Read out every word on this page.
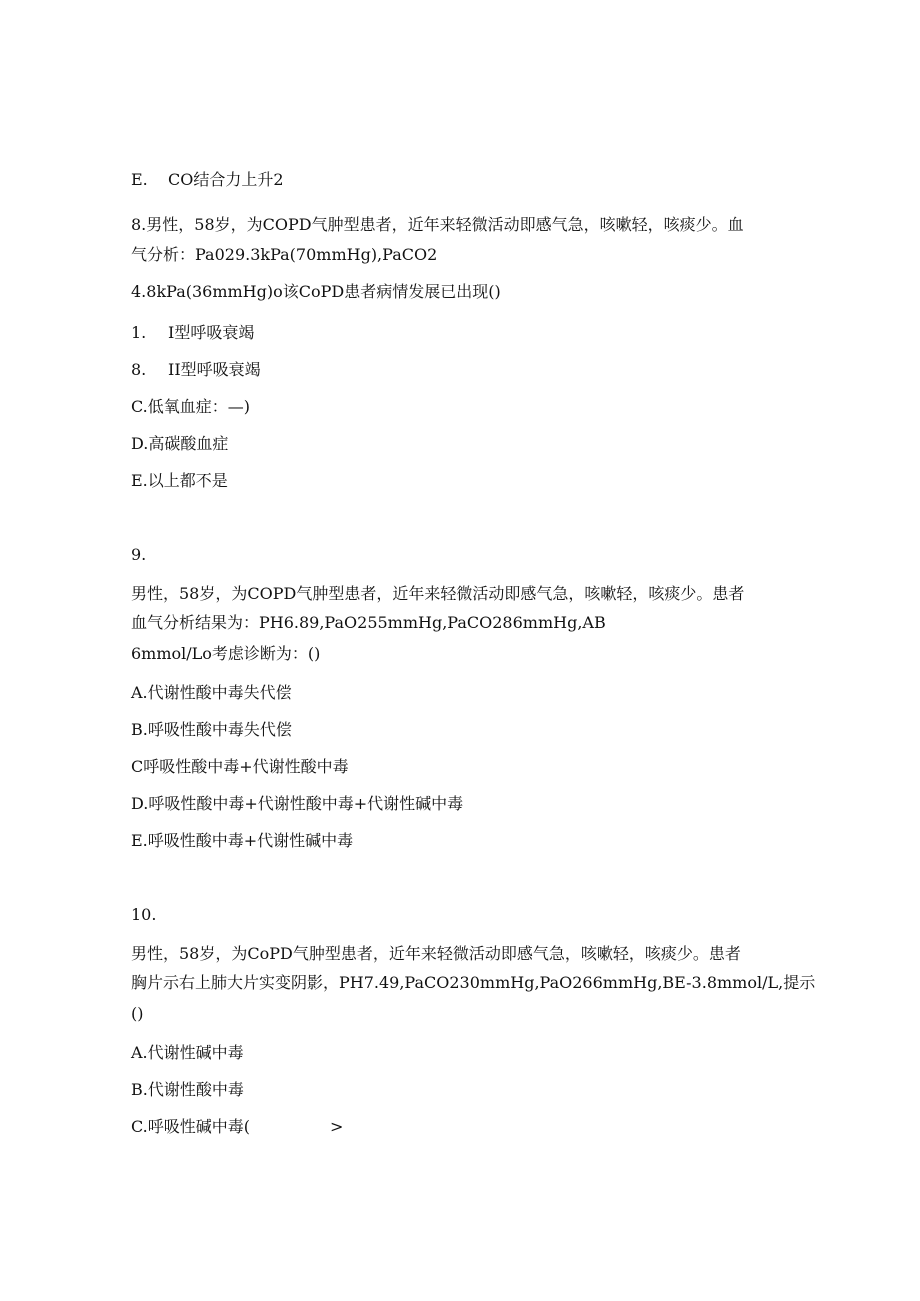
E. CO结合力上升2
8.男性，58岁，为COPD气肿型患者，近年来轻微活动即感气急，咳嗽轻，咳痰少。血
气分析：Pa029.3kPa(70mmHg),PaCO2
4.8kPa(36mmHg)o该CoPD患者病情发展已出现()
1. I型呼吸衰竭
8. II型呼吸衰竭
C.低氧血症：—)
D.高碳酸血症
E.以上都不是
9.
男性，58岁，为COPD气肿型患者，近年来轻微活动即感气急，咳嗽轻，咳痰少。患者
血气分析结果为：PH6.89,PaO255mmHg,PaCO286mmHg,AB
6mmol∕Lo考虑诊断为：()
A.代谢性酸中毒失代偿
B.呼吸性酸中毒失代偿
C呼吸性酸中毒+代谢性酸中毒
D.呼吸性酸中毒+代谢性酸中毒+代谢性碱中毒
E.呼吸性酸中毒+代谢性碱中毒
10.
男性，58岁，为CoPD气肿型患者，近年来轻微活动即感气急，咳嗽轻，咳痰少。患者
胸片示右上肺大片实变阴影，PH7.49,PaCO230mmHg,PaO266mmHg,BE-3.8mmol∕L,提示
()
A.代谢性碱中毒
B.代谢性酸中毒
C.呼吸性碱中毒(　　　　　>
